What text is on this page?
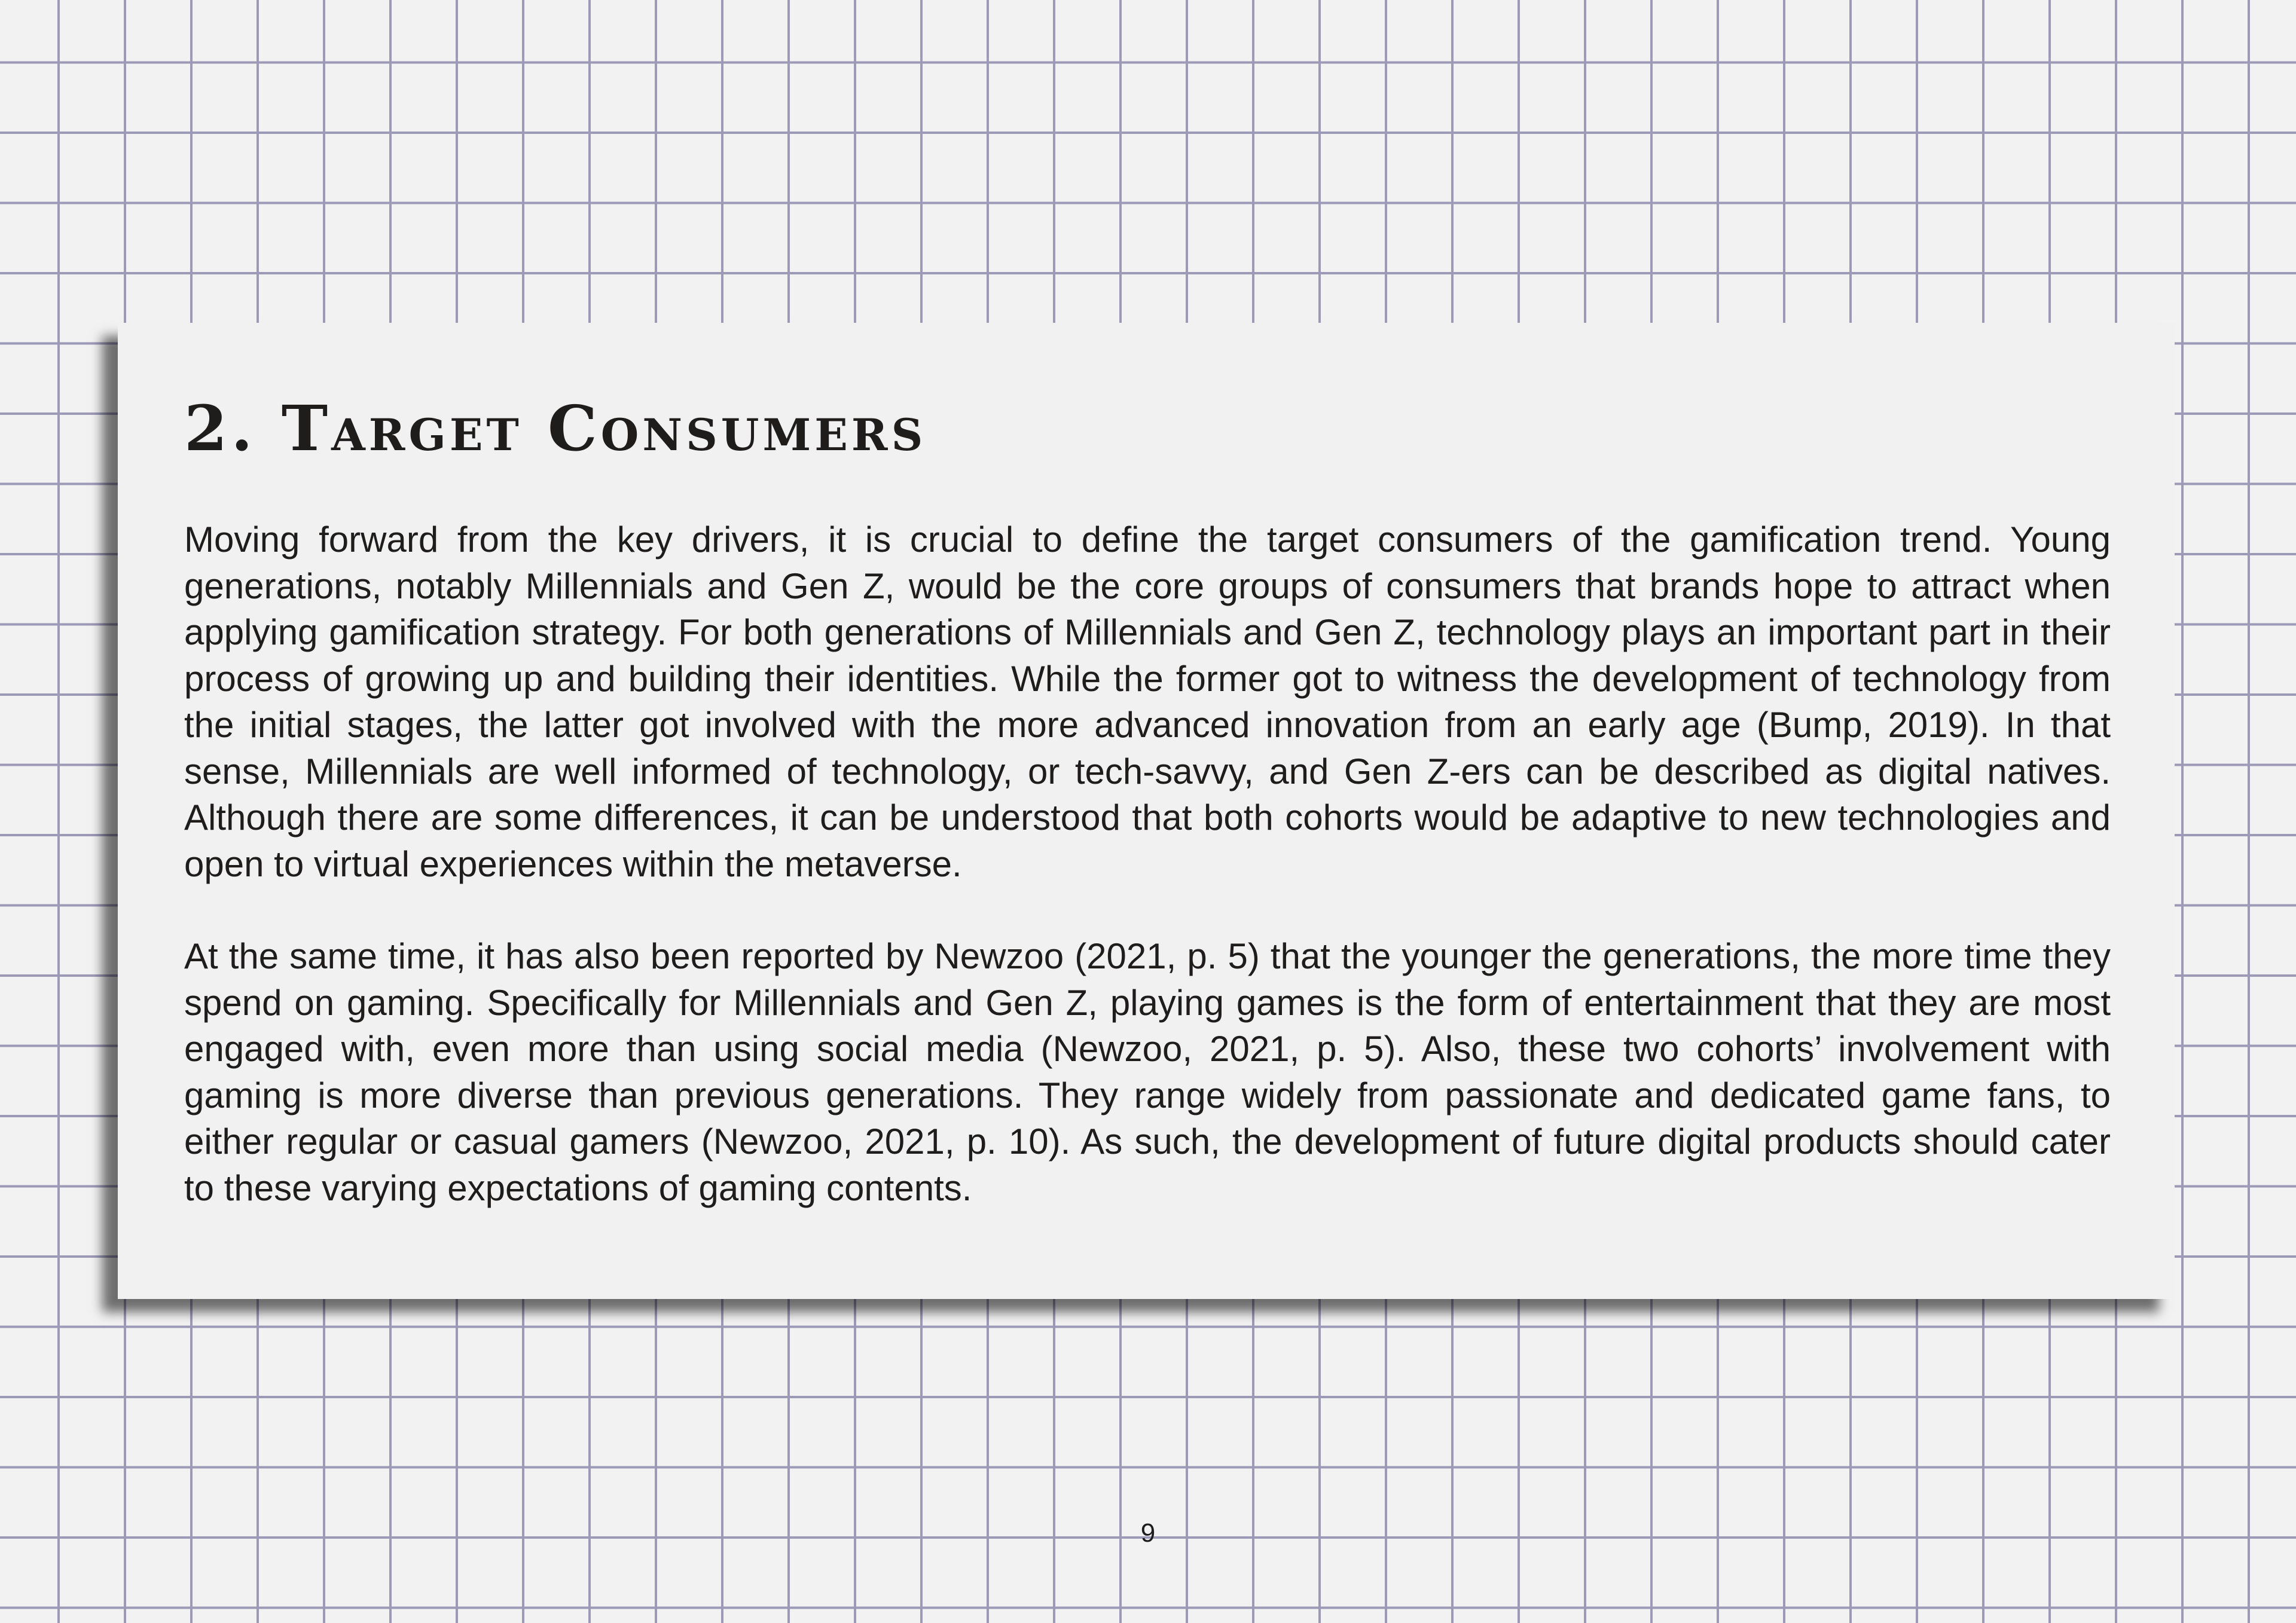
2. Target Consumers

Moving forward from the key drivers, it is crucial to define the target consumers of the gamification trend. Young generations, notably Millennials and Gen Z, would be the core groups of consumers that brands hope to attract when applying gamification strategy. For both generations of Millennials and Gen Z, technology plays an important part in their process of growing up and building their identities. While the former got to witness the development of technology from the initial stages, the latter got involved with the more advanced innovation from an early age (Bump, 2019). In that sense, Millennials are well informed of technology, or tech-savvy, and Gen Z-ers can be described as digital natives. Although there are some differences, it can be understood that both cohorts would be adaptive to new technologies and open to virtual experiences within the metaverse.

At the same time, it has also been reported by Newzoo (2021, p. 5) that the younger the generations, the more time they spend on gaming. Specifically for Millennials and Gen Z, playing games is the form of entertainment that they are most engaged with, even more than using social media (Newzoo, 2021, p. 5). Also, these two cohorts’ involvement with gaming is more diverse than previous generations. They range widely from passionate and dedicated game fans, to either regular or casual gamers (Newzoo, 2021, p. 10). As such, the development of future digital products should cater to these varying expectations of gaming contents.

9
